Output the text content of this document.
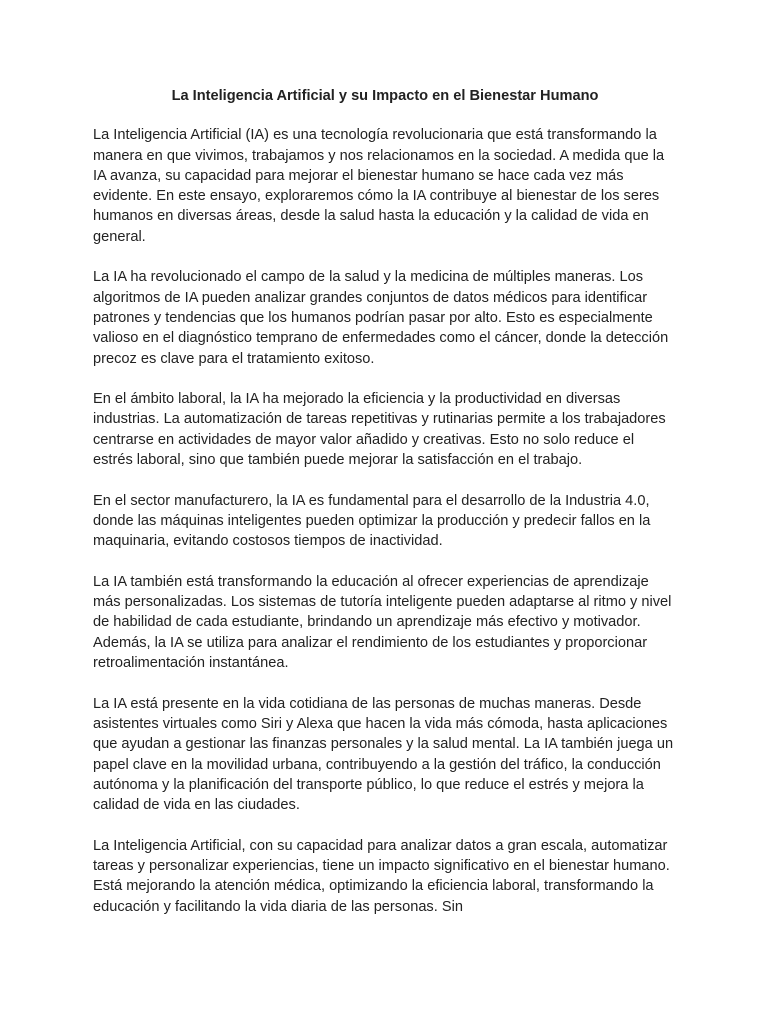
La Inteligencia Artificial y su Impacto en el Bienestar Humano

La Inteligencia Artificial (IA) es una tecnología revolucionaria que está transformando la manera en que vivimos, trabajamos y nos relacionamos en la sociedad. A medida que la IA avanza, su capacidad para mejorar el bienestar humano se hace cada vez más evidente. En este ensayo, exploraremos cómo la IA contribuye al bienestar de los seres humanos en diversas áreas, desde la salud hasta la educación y la calidad de vida en general.

La IA ha revolucionado el campo de la salud y la medicina de múltiples maneras. Los algoritmos de IA pueden analizar grandes conjuntos de datos médicos para identificar patrones y tendencias que los humanos podrían pasar por alto. Esto es especialmente valioso en el diagnóstico temprano de enfermedades como el cáncer, donde la detección precoz es clave para el tratamiento exitoso.

En el ámbito laboral, la IA ha mejorado la eficiencia y la productividad en diversas industrias. La automatización de tareas repetitivas y rutinarias permite a los trabajadores centrarse en actividades de mayor valor añadido y creativas. Esto no solo reduce el estrés laboral, sino que también puede mejorar la satisfacción en el trabajo.

En el sector manufacturero, la IA es fundamental para el desarrollo de la Industria 4.0, donde las máquinas inteligentes pueden optimizar la producción y predecir fallos en la maquinaria, evitando costosos tiempos de inactividad.

La IA también está transformando la educación al ofrecer experiencias de aprendizaje más personalizadas. Los sistemas de tutoría inteligente pueden adaptarse al ritmo y nivel de habilidad de cada estudiante, brindando un aprendizaje más efectivo y motivador. Además, la IA se utiliza para analizar el rendimiento de los estudiantes y proporcionar retroalimentación instantánea.

La IA está presente en la vida cotidiana de las personas de muchas maneras. Desde asistentes virtuales como Siri y Alexa que hacen la vida más cómoda, hasta aplicaciones que ayudan a gestionar las finanzas personales y la salud mental. La IA también juega un papel clave en la movilidad urbana, contribuyendo a la gestión del tráfico, la conducción autónoma y la planificación del transporte público, lo que reduce el estrés y mejora la calidad de vida en las ciudades.

La Inteligencia Artificial, con su capacidad para analizar datos a gran escala, automatizar tareas y personalizar experiencias, tiene un impacto significativo en el bienestar humano. Está mejorando la atención médica, optimizando la eficiencia laboral, transformando la educación y facilitando la vida diaria de las personas. Sin
